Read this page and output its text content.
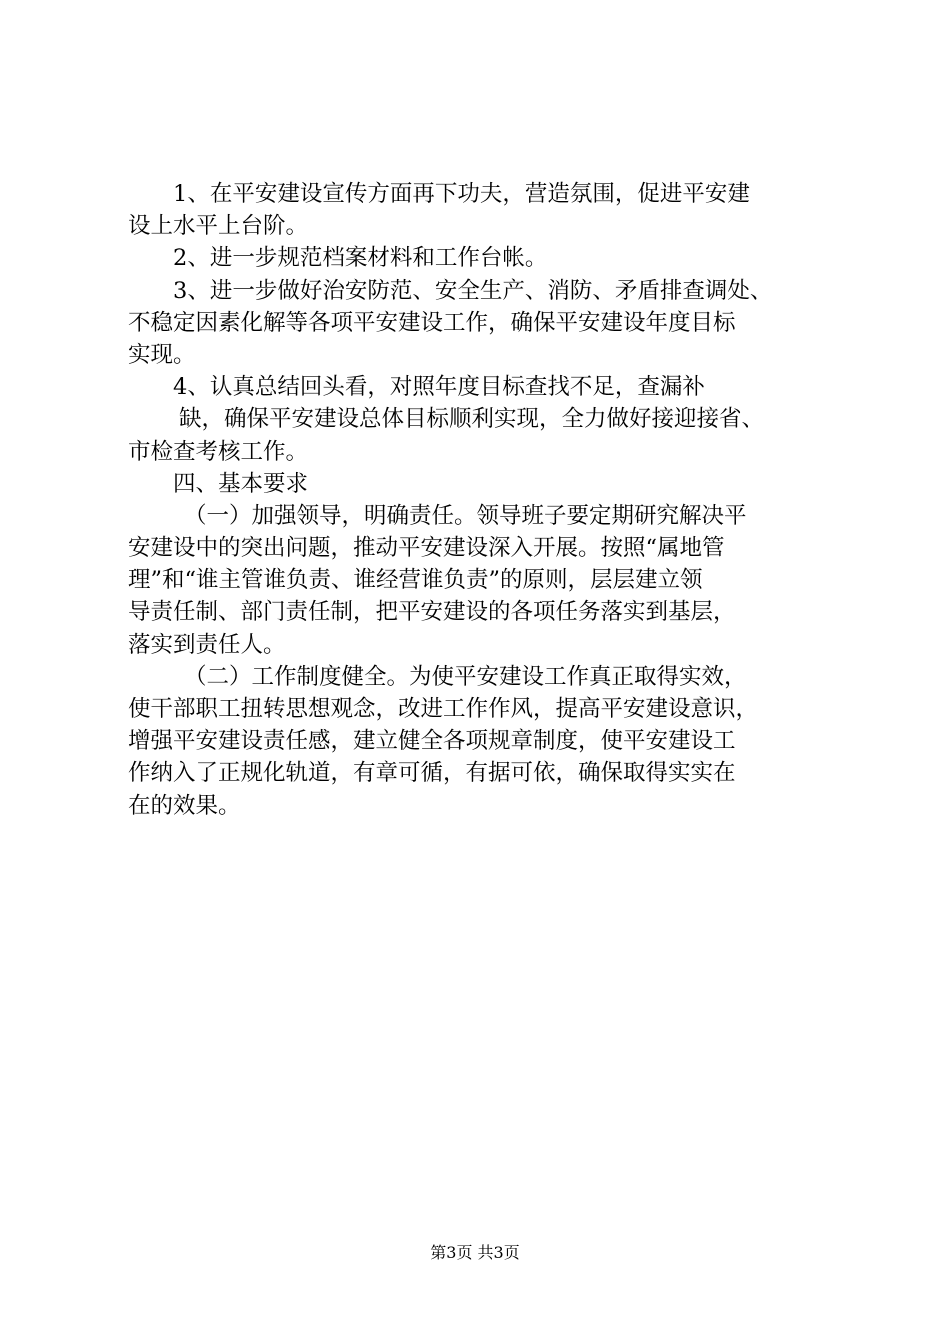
1、在平安建设宣传方面再下功夫，营造氛围，促进平安建
设上水平上台阶。
2、进一步规范档案材料和工作台帐。
3、进一步做好治安防范、安全生产、消防、矛盾排查调处、
不稳定因素化解等各项平安建设工作，确保平安建设年度目标
实现。
4、认真总结回头看，对照年度目标查找不足，查漏补
缺，确保平安建设总体目标顺利实现，全力做好接迎接省、
市检查考核工作。
四、基本要求
（一）加强领导，明确责任。领导班子要定期研究解决平
安建设中的突出问题，推动平安建设深入开展。按照“属地管
理”和“谁主管谁负责、谁经营谁负责”的原则，层层建立领
导责任制、部门责任制，把平安建设的各项任务落实到基层，
落实到责任人。
（二）工作制度健全。为使平安建设工作真正取得实效，
使干部职工扭转思想观念，改进工作作风，提高平安建设意识，
增强平安建设责任感，建立健全各项规章制度，使平安建设工
作纳入了正规化轨道，有章可循，有据可依，确保取得实实在
在的效果。
第3页 共3页
